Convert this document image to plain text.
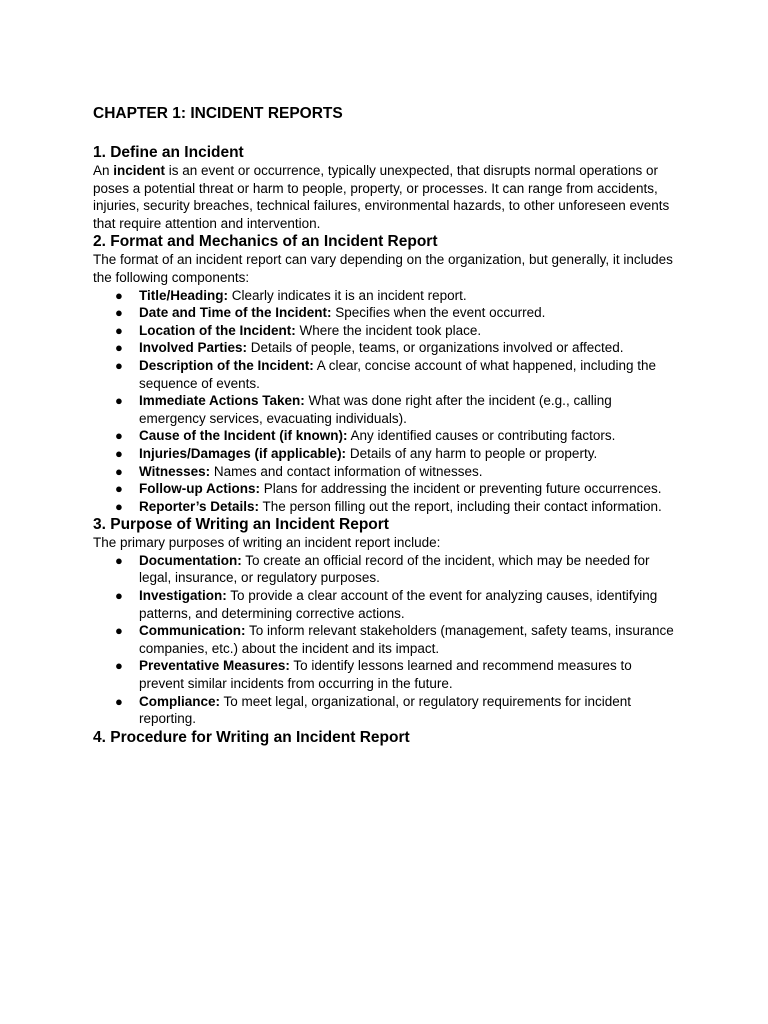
CHAPTER 1: INCIDENT REPORTS
1. Define an Incident

An incident is an event or occurrence, typically unexpected, that disrupts normal operations or poses a potential threat or harm to people, property, or processes. It can range from accidents, injuries, security breaches, technical failures, environmental hazards, to other unforeseen events that require attention and intervention.

2. Format and Mechanics of an Incident Report

The format of an incident report can vary depending on the organization, but generally, it includes the following components:

● Title/Heading: Clearly indicates it is an incident report.
● Date and Time of the Incident: Specifies when the event occurred.
● Location of the Incident: Where the incident took place.
● Involved Parties: Details of people, teams, or organizations involved or affected.
● Description of the Incident: A clear, concise account of what happened, including the sequence of events.
● Immediate Actions Taken: What was done right after the incident (e.g., calling emergency services, evacuating individuals).
● Cause of the Incident (if known): Any identified causes or contributing factors.
● Injuries/Damages (if applicable): Details of any harm to people or property.
● Witnesses: Names and contact information of witnesses.
● Follow-up Actions: Plans for addressing the incident or preventing future occurrences.
● Reporter’s Details: The person filling out the report, including their contact information.
3. Purpose of Writing an Incident Report

The primary purposes of writing an incident report include:

● Documentation: To create an official record of the incident, which may be needed for legal, insurance, or regulatory purposes.
● Investigation: To provide a clear account of the event for analyzing causes, identifying patterns, and determining corrective actions.
● Communication: To inform relevant stakeholders (management, safety teams, insurance companies, etc.) about the incident and its impact.
● Preventative Measures: To identify lessons learned and recommend measures to prevent similar incidents from occurring in the future.
● Compliance: To meet legal, organizational, or regulatory requirements for incident reporting.
4. Procedure for Writing an Incident Report
